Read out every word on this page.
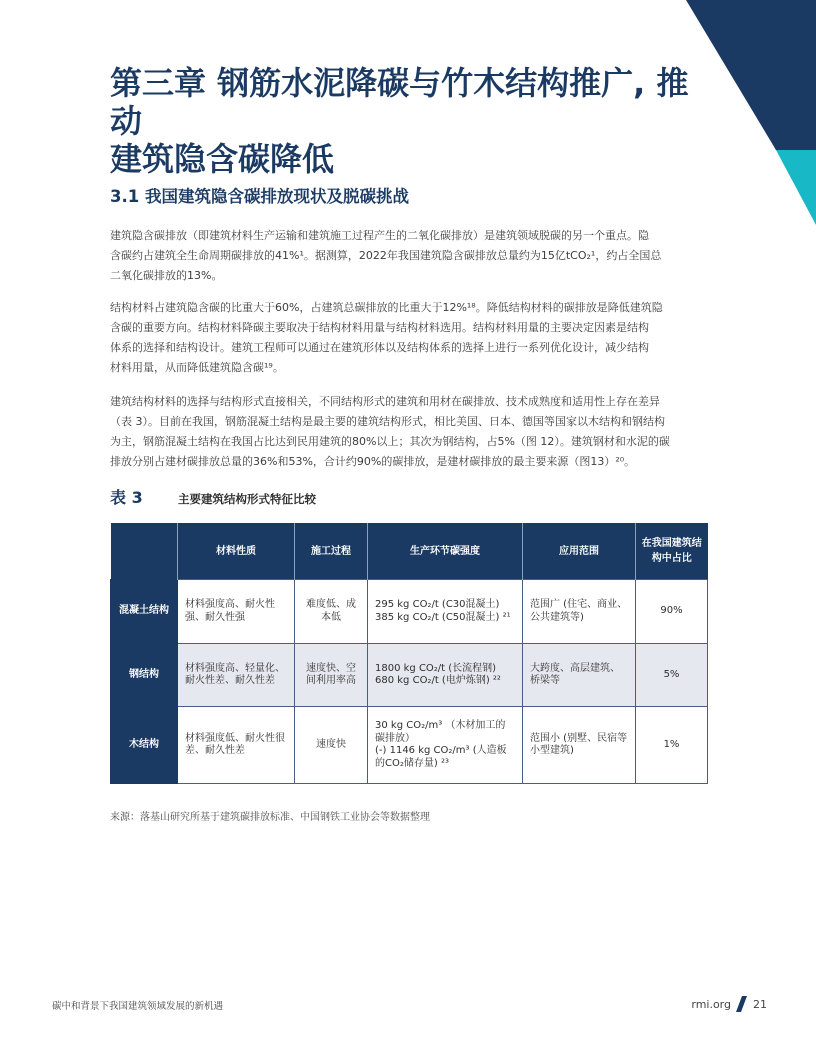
第三章 钢筋水泥降碳与竹木结构推广, 推动
建筑隐含碳降低
3.1 我国建筑隐含碳排放现状及脱碳挑战

建筑隐含碳排放（即建筑材料生产运输和建筑施工过程产生的二氧化碳排放）是建筑领域脱碳的另一个重点。隐
含碳约占建筑全生命周期碳排放的41%¹。据测算，2022年我国建筑隐含碳排放总量约为15亿tCO₂¹，约占全国总
二氧化碳排放的13%。

结构材料占建筑隐含碳的比重大于60%，占建筑总碳排放的比重大于12%¹⁸。降低结构材料的碳排放是降低建筑隐
含碳的重要方向。结构材料降碳主要取决于结构材料用量与结构材料选用。结构材料用量的主要决定因素是结构
体系的选择和结构设计。建筑工程师可以通过在建筑形体以及结构体系的选择上进行一系列优化设计，减少结构
材料用量，从而降低建筑隐含碳¹⁹。

建筑结构材料的选择与结构形式直接相关，不同结构形式的建筑和用材在碳排放、技术成熟度和适用性上存在差异
（表 3）。目前在我国，钢筋混凝土结构是最主要的建筑结构形式，相比美国、日本、德国等国家以木结构和钢结构
为主，钢筋混凝土结构在我国占比达到民用建筑的80%以上；其次为钢结构，占5%（图 12）。建筑钢材和水泥的碳
排放分别占建材碳排放总量的36%和53%，合计约90%的碳排放，是建材碳排放的最主要来源（图13）²⁰。

表 3	主要建筑结构形式特征比较
	材料性质	施工过程	生产环节碳强度	应用范围	在我国建筑结构中占比
混凝土结构	材料强度高、耐火性强、耐久性强	难度低、成本低	295 kg CO₂/t (C30混凝土)
385 kg CO₂/t (C50混凝土) ²¹	范围广 (住宅、商业、公共建筑等)	90%
钢结构	材料强度高、轻量化、耐火性差、耐久性差	速度快、空间利用率高	1800 kg CO₂/t (长流程钢)
680 kg CO₂/t (电炉炼钢) ²²	大跨度、高层建筑、桥梁等	5%
木结构	材料强度低、耐火性很差、耐久性差	速度快	30 kg CO₂/m³ （木材加工的碳排放）
(-) 1146 kg CO₂/m³ (人造板的CO₂储存量) ²³	范围小 (别墅、民宿等小型建筑)	1%
来源：落基山研究所基于建筑碳排放标准、中国钢铁工业协会等数据整理
碳中和背景下我国建筑领域发展的新机遇	rmi.org 21
